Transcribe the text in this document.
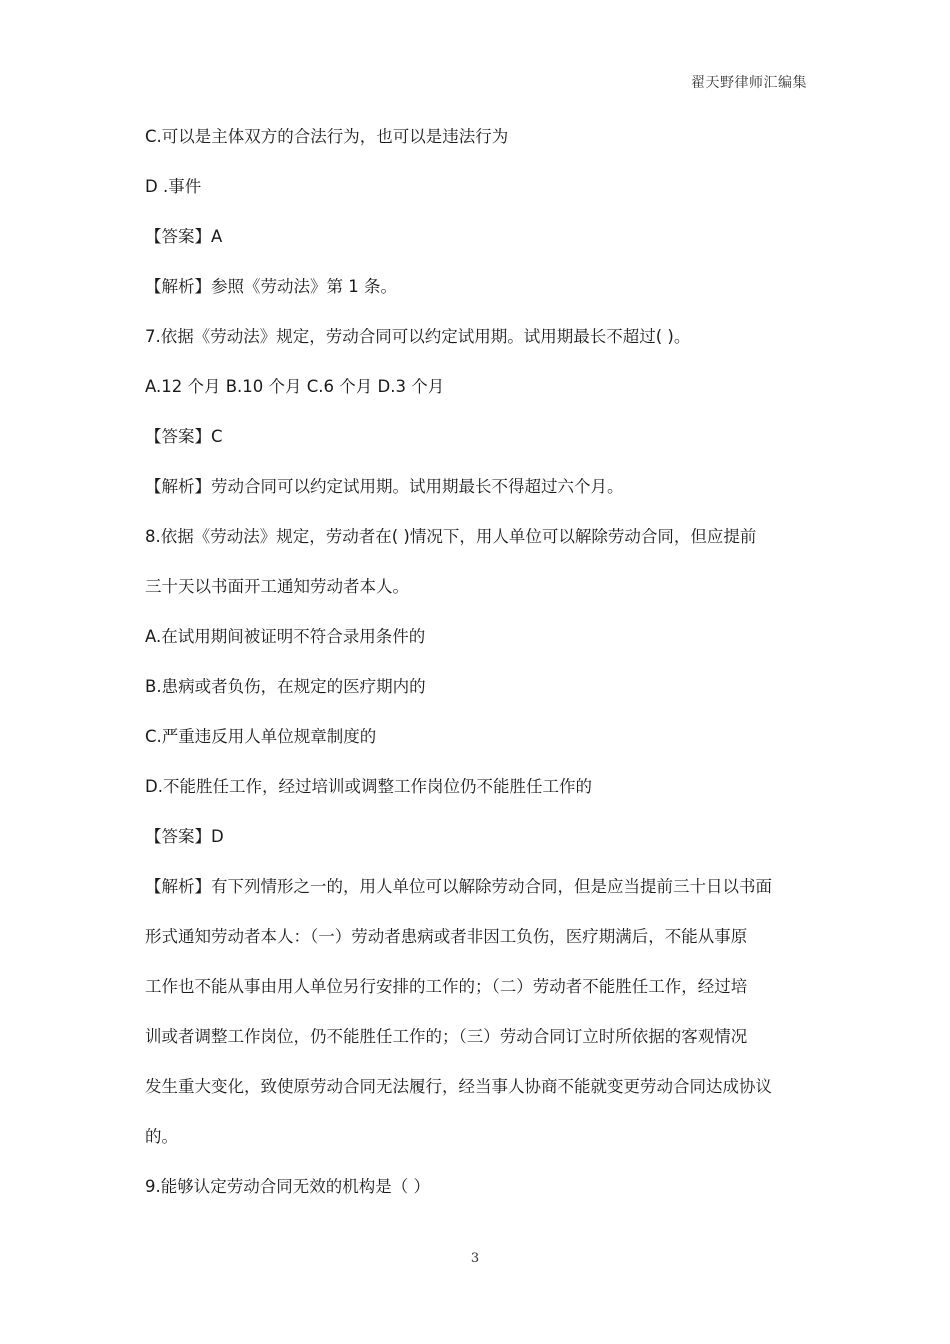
翟天野律师汇编集
C.可以是主体双方的合法行为，也可以是违法行为
D .事件
【答案】A
【解析】参照《劳动法》第 1 条。
7.依据《劳动法》规定，劳动合同可以约定试用期。试用期最长不超过( )。
A.12 个月 B.10 个月 C.6 个月 D.3 个月
【答案】C
【解析】劳动合同可以约定试用期。试用期最长不得超过六个月。
8.依据《劳动法》规定，劳动者在( )情况下，用人单位可以解除劳动合同，但应提前
三十天以书面开工通知劳动者本人。
A.在试用期间被证明不符合录用条件的
B.患病或者负伤，在规定的医疗期内的
C.严重违反用人单位规章制度的
D.不能胜任工作，经过培训或调整工作岗位仍不能胜任工作的
【答案】D
【解析】有下列情形之一的，用人单位可以解除劳动合同，但是应当提前三十日以书面
形式通知劳动者本人：（一）劳动者患病或者非因工负伤，医疗期满后，不能从事原
工作也不能从事由用人单位另行安排的工作的；（二）劳动者不能胜任工作，经过培
训或者调整工作岗位，仍不能胜任工作的；（三）劳动合同订立时所依据的客观情况
发生重大变化，致使原劳动合同无法履行，经当事人协商不能就变更劳动合同达成协议
的。
9.能够认定劳动合同无效的机构是（ ）
3
